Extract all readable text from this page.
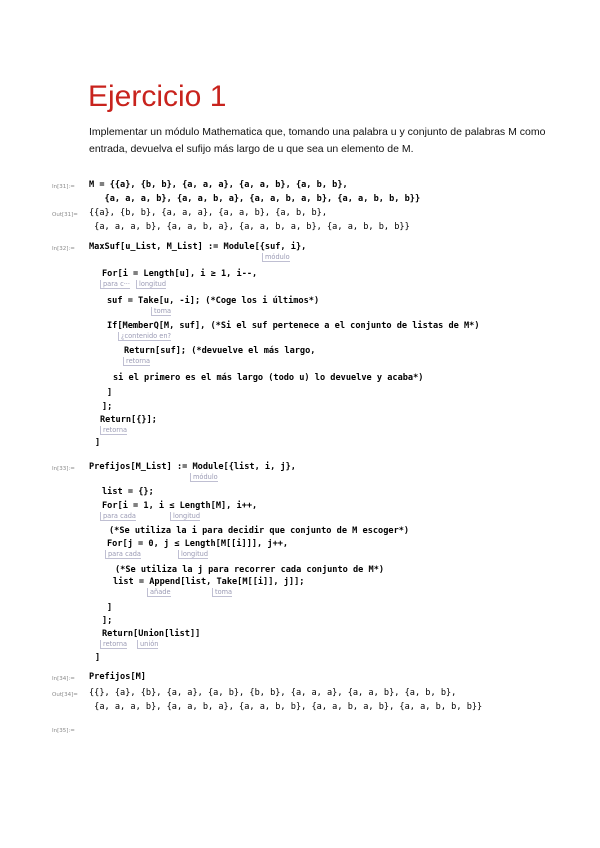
Ejercicio 1
Implementar un módulo Mathematica que, tomando una palabra u y conjunto de palabras M como entrada, devuelva el sufijo más largo de u que sea un elemento de M.
In[31]:= M = {{a}, {b, b}, {a, a, a}, {a, a, b}, {a, b, b},
{a, a, a, b}, {a, a, b, a}, {a, a, b, a, b}, {a, a, b, b, b}}
Out[31]= {{a}, {b, b}, {a, a, a}, {a, a, b}, {a, b, b},
{a, a, a, b}, {a, a, b, a}, {a, a, b, a, b}, {a, a, b, b, b}}
In[32]:= MaxSuf[u_List, M_List] := Module[{suf, i},
módulo
For[i = Length[u], i ≥ 1, i--,
para c···	longitud
suf = Take[u, -i]; (*Coge los i últimos*)
toma
If[MemberQ[M, suf], (*Si el suf pertenece a el conjunto de listas de M*)
¿contenido en?
Return[suf]; (*devuelve el más largo,
retorna
si el primero es el más largo (todo u) lo devuelve y acaba*)
]
];
Return[{}];
retorna
]
In[33]:= Prefijos[M_List] := Module[{list, i, j},
módulo
list = {};
For[i = 1, i ≤ Length[M], i++,
para cada	longitud
(*Se utiliza la i para decidir que conjunto de M escoger*)
For[j = 0, j ≤ Length[M[[i]]], j++,
para cada	longitud
(*Se utiliza la j para recorrer cada conjunto de M*)
list = Append[list, Take[M[[i]], j]];
añade	toma
]
];
Return[Union[list]]
retorna	unión
]
In[34]:= Prefijos[M]
Out[34]= {{}, {a}, {b}, {a, a}, {a, b}, {b, b}, {a, a, a}, {a, a, b}, {a, b, b},
{a, a, a, b}, {a, a, b, a}, {a, a, b, b}, {a, a, b, a, b}, {a, a, b, b, b}}
In[35]:=
